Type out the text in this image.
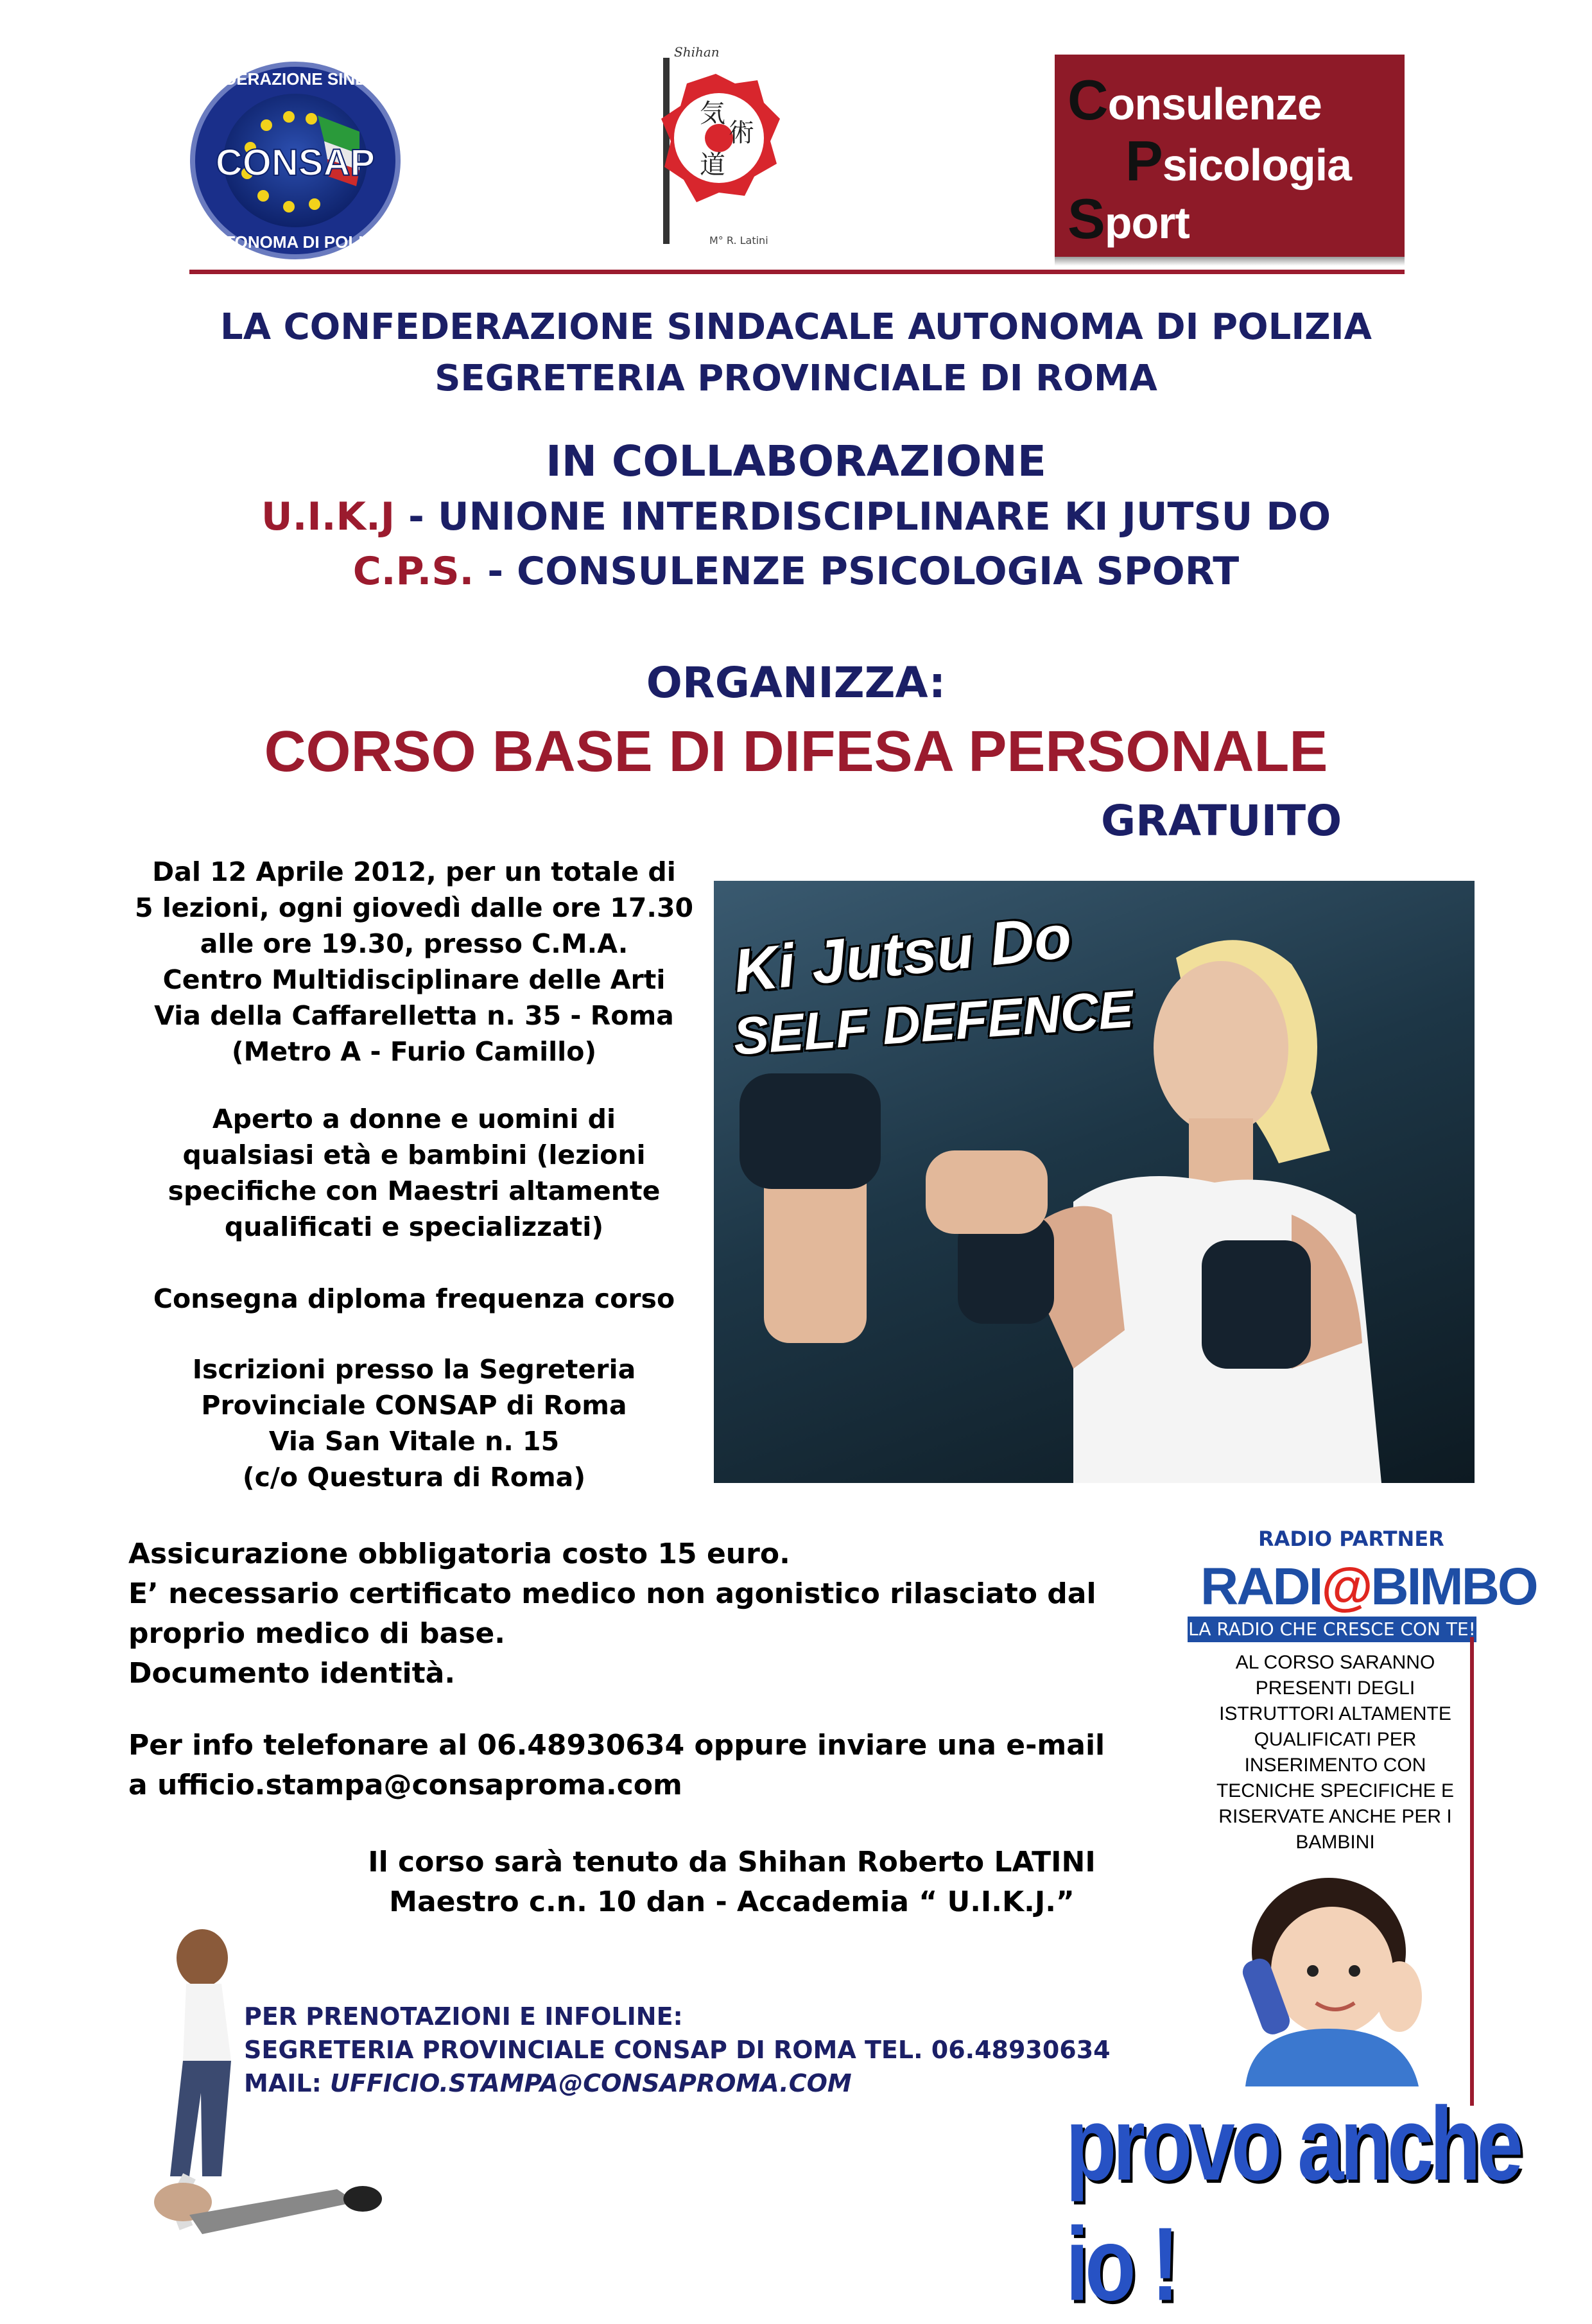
CONSAP
CONFEDERAZIONE SINDACALE
AUTONOMA DI POLIZIA
Shihan
気
術
道
M° R. Latini
Consulenze
Psicologia
Sport
LA CONFEDERAZIONE SINDACALE AUTONOMA DI POLIZIA
SEGRETERIA PROVINCIALE DI ROMA
IN COLLABORAZIONE
U.I.K.J - UNIONE INTERDISCIPLINARE KI JUTSU DO
C.P.S. - CONSULENZE PSICOLOGIA SPORT
ORGANIZZA:
CORSO BASE DI DIFESA PERSONALE
GRATUITO
Dal 12 Aprile 2012, per un totale di
5 lezioni, ogni giovedì dalle ore 17.30
alle ore 19.30, presso C.M.A.
Centro Multidisciplinare delle Arti
Via della Caffarelletta n. 35 - Roma
(Metro A - Furio Camillo)
Aperto a donne e uomini di
qualsiasi età e bambini (lezioni
specifiche con Maestri altamente
qualificati e specializzati)
Consegna diploma frequenza corso
Iscrizioni presso la Segreteria
Provinciale CONSAP di Roma
Via San Vitale n. 15
(c/o Questura di Roma)
Ki Jutsu Do
SELF DEFENCE
Assicurazione obbligatoria costo 15 euro.
E’ necessario certificato medico non agonistico rilasciato dal
proprio medico di base.
Documento identità.
Per info telefonare al 06.48930634 oppure inviare una e-mail
a ufficio.stampa@consaproma.com
Il corso sarà tenuto da Shihan Roberto LATINI
Maestro c.n. 10 dan - Accademia “ U.I.K.J.”
PER PRENOTAZIONI E INFOLINE:
SEGRETERIA PROVINCIALE CONSAP DI ROMA TEL. 06.48930634
MAIL: UFFICIO.STAMPA@CONSAPROMA.COM
RADIO PARTNER
RADI@BIMBO
LA RADIO CHE CRESCE CON TE!
AL CORSO SARANNO
PRESENTI DEGLI
ISTRUTTORI ALTAMENTE
QUALIFICATI PER
INSERIMENTO CON
TECNICHE SPECIFICHE E
RISERVATE ANCHE PER I
BAMBINI
provo anche io !
